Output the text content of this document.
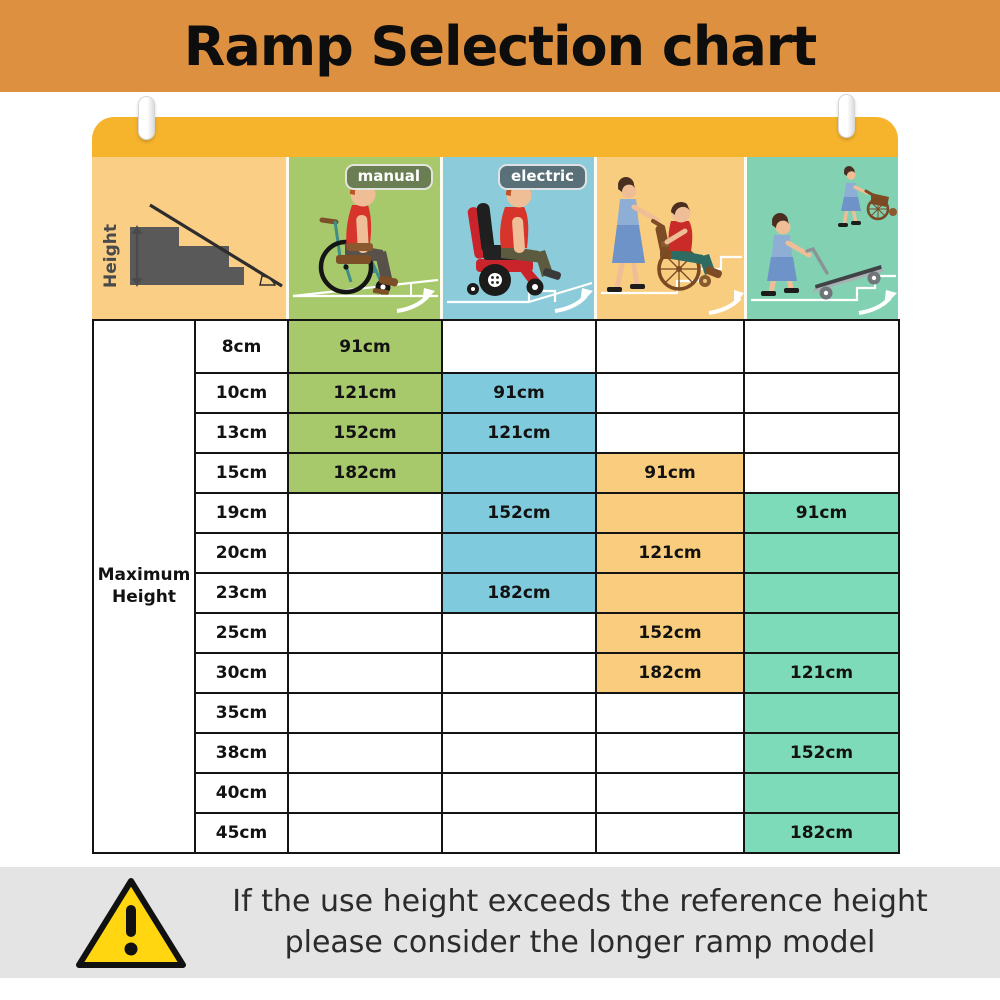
Ramp Selection chart
Height
manual	electric
Maximum Height	8cm	91cm			
	10cm	121cm	91cm		
	13cm	152cm	121cm		
	15cm	182cm		91cm	
	19cm		152cm		91cm
	20cm			121cm	
	23cm		182cm		
	25cm			152cm	
	30cm			182cm	121cm
	35cm				
	38cm				152cm
	40cm				
	45cm				182cm
If the use height exceeds the reference height
please consider the longer ramp model
